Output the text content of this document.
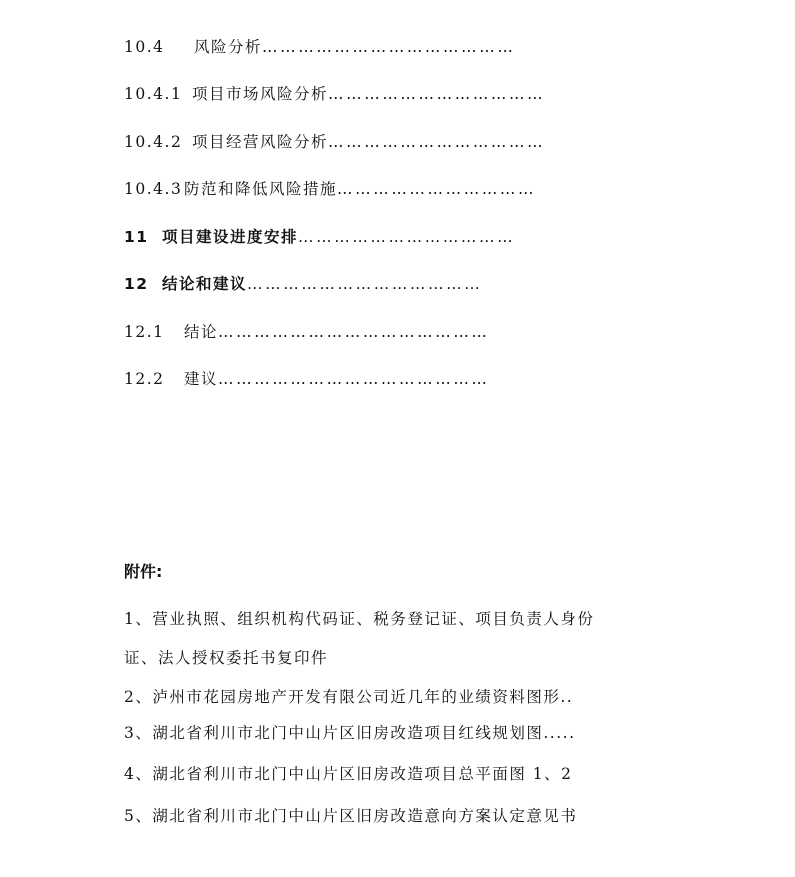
10.4 风险分析……………………………………
10.4.1 项目市场风险分析………………………………
10.4.2 项目经营风险分析………………………………
10.4.3 防范和降低风险措施……………………………
11 项目建设进度安排………………………………
12 结论和建议…………………………………
12.1 结论………………………………………
12.2 建议………………………………………
附件:
1、营业执照、组织机构代码证、税务登记证、项目负责人身份
证、法人授权委托书复印件
2、泸州市花园房地产开发有限公司近几年的业绩资料图形..
3、湖北省利川市北门中山片区旧房改造项目红线规划图.....
4、湖北省利川市北门中山片区旧房改造项目总平面图 1、2
5、湖北省利川市北门中山片区旧房改造意向方案认定意见书
